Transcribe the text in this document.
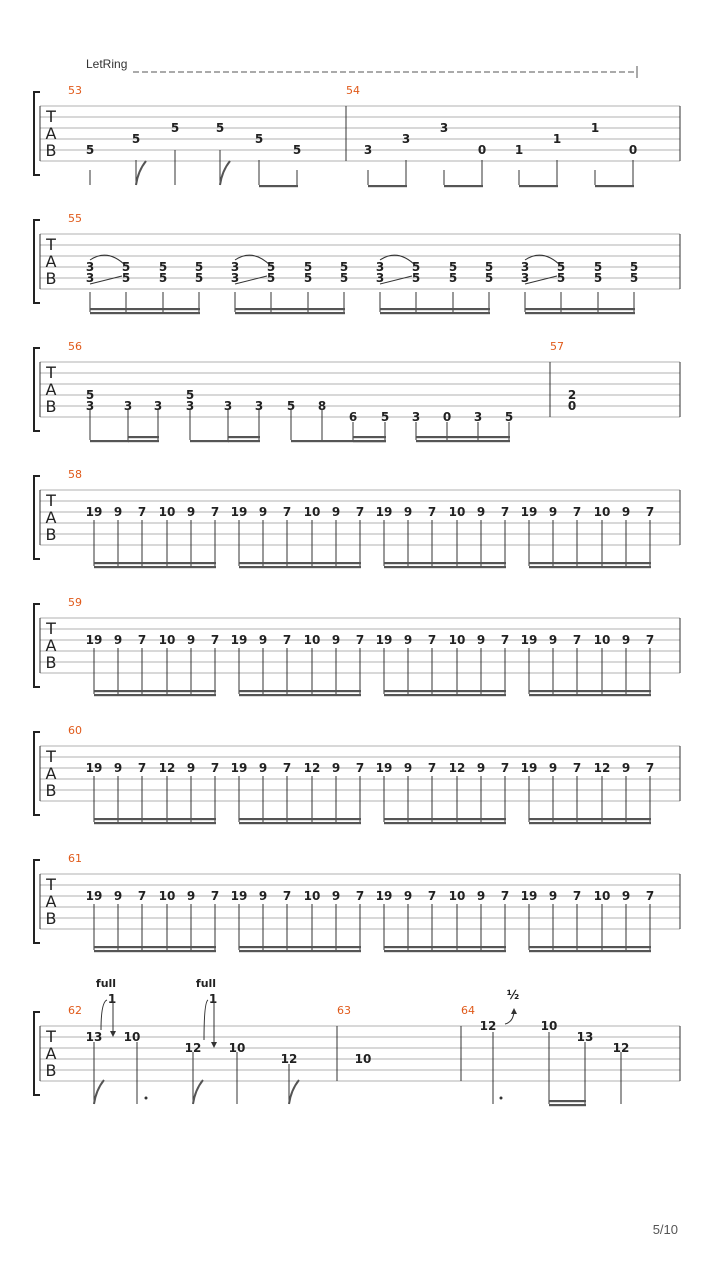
LetRing
T
A
B
T
A
B
T
A
B
T
A
B
T
A
B
T
A
B
T
A
B
T
A
B
53	54
5
5
5	5
5
5	3
3
3
0 1
1
1
0
55
3
3
5
5
5
5
5
5
3
3
5
5
5
5
5
5
3
3
5
5
5
5
5
5
3
3
5
5
5
5
5
5
56	57
5
3 3 3
5
3 3 3 5 8
6 5 3 0 3 5
2
0
58
19 9 7 10 9 7 19 9 7 10 9 7 19 9 7 10 9 7 19 9 7 10 9 7
59
19 9 7 10 9 7 19 9 7 10 9 7 19 9 7 10 9 7 19 9 7 10 9 7
60
19 9 7 12 9 7 19 9 7 12 9 7 19 9 7 12 9 7 19 9 7 12 9 7
61
19 9 7 10 9 7 19 9 7 10 9 7 19 9 7 10 9 7 19 9 7 10 9 7
62	63	64
13 10
12 10
12	10
12	10
13
12
full
1
full
1	½
5/10
